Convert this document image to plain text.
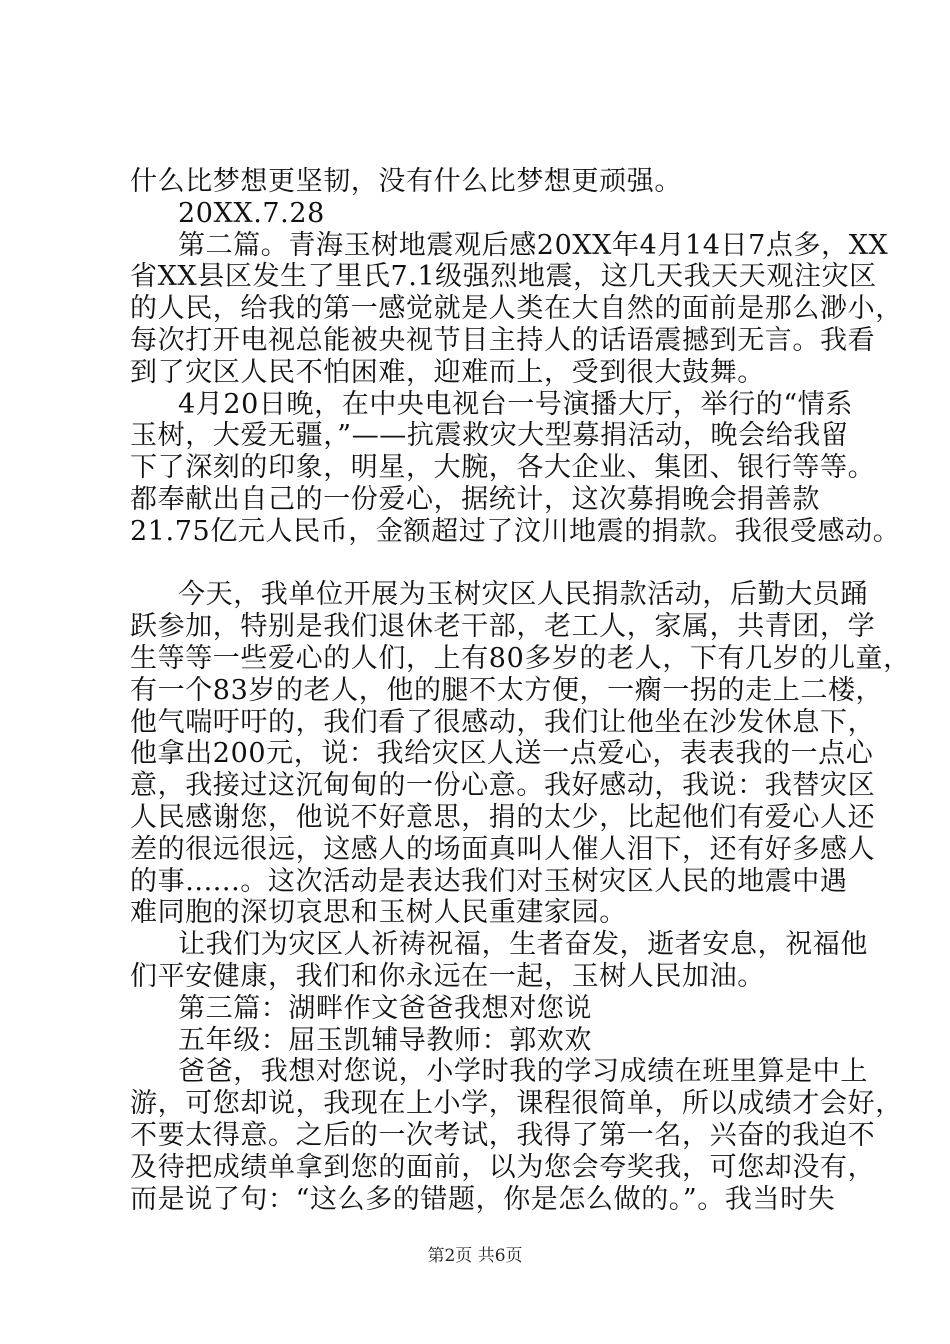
什么比梦想更坚韧，没有什么比梦想更顽强。
20XX.7.28
第二篇。青海玉树地震观后感20XX年4月14日7点多，XX
省XX县区发生了里氏7.1级强烈地震，这几天我天天观注灾区
的人民，给我的第一感觉就是人类在大自然的面前是那么渺小，
每次打开电视总能被央视节目主持人的话语震撼到无言。我看
到了灾区人民不怕困难，迎难而上，受到很大鼓舞。
4月20日晚，在中央电视台一号演播大厅，举行的“情系
玉树，大爱无疆，”——抗震救灾大型募捐活动，晚会给我留
下了深刻的印象，明星，大腕，各大企业、集团、银行等等。
都奉献出自己的一份爱心，据统计，这次募捐晚会捐善款
21.75亿元人民币，金额超过了汶川地震的捐款。我很受感动。
今天，我单位开展为玉树灾区人民捐款活动，后勤大员踊
跃参加，特别是我们退休老干部，老工人，家属，共青团，学
生等等一些爱心的人们，上有80多岁的老人，下有几岁的儿童，
有一个83岁的老人，他的腿不太方便，一瘸一拐的走上二楼，
他气喘吁吁的，我们看了很感动，我们让他坐在沙发休息下，
他拿出200元，说：我给灾区人送一点爱心，表表我的一点心
意，我接过这沉甸甸的一份心意。我好感动，我说：我替灾区
人民感谢您，他说不好意思，捐的太少，比起他们有爱心人还
差的很远很远，这感人的场面真叫人催人泪下，还有好多感人
的事......。这次活动是表达我们对玉树灾区人民的地震中遇
难同胞的深切哀思和玉树人民重建家园。
让我们为灾区人祈祷祝福，生者奋发，逝者安息，祝福他
们平安健康，我们和你永远在一起，玉树人民加油。
第三篇：湖畔作文爸爸我想对您说
五年级：屈玉凯辅导教师：郭欢欢
爸爸，我想对您说，小学时我的学习成绩在班里算是中上
游，可您却说，我现在上小学，课程很简单，所以成绩才会好，
不要太得意。之后的一次考试，我得了第一名，兴奋的我迫不
及待把成绩单拿到您的面前，以为您会夸奖我，可您却没有，
而是说了句：“这么多的错题，你是怎么做的。”。我当时失
第2页 共6页
